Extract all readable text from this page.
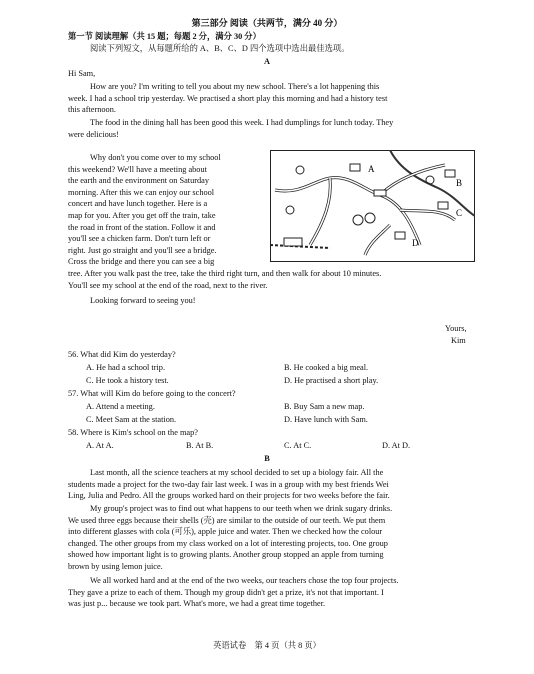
第三部分 阅读（共两节，满分 40 分）
第一节 阅读理解（共 15 题；每题 2 分，满分 30 分）
阅读下列短文，从每题所给的 A、B、C、D 四个选项中选出最佳选项。
A
Hi Sam,
How are you? I'm writing to tell you about my new school. There's a lot happening this
week. I had a school trip yesterday. We practised a short play this morning and had a history test
this afternoon.
The food in the dining hall has been good this week. I had dumplings for lunch today. They
were delicious!
Why don't you come over to my school
this weekend? We'll have a meeting about
the earth and the environment on Saturday
morning. After this we can enjoy our school
concert and have lunch together. Here is a
map for you. After you get off the train, take
the road in front of the station. Follow it and
you'll see a chicken farm. Don't turn left or
right. Just go straight and you'll see a bridge.
Cross the bridge and there you can see a big
tree. After you walk past the tree, take the third right turn, and then walk for about 10 minutes.
You'll see my school at the end of the road, next to the river.
A
B
C
D
Looking forward to seeing you!
Yours,
Kim
56. What did Kim do yesterday?
A. He had a school trip.	B. He cooked a big meal.
C. He took a history test.	D. He practised a short play.
57. What will Kim do before going to the concert?
A. Attend a meeting.	B. Buy Sam a new map.
C. Meet Sam at the station.	D. Have lunch with Sam.
58. Where is Kim's school on the map?
A. At A.	B. At B.	C. At C.	D. At D.
B
Last month, all the science teachers at my school decided to set up a biology fair. All the
students made a project for the two-day fair last week. I was in a group with my best friends Wei
Ling, Julia and Pedro. All the groups worked hard on their projects for two weeks before the fair.
My group's project was to find out what happens to our teeth when we drink sugary drinks.
We used three eggs because their shells (壳) are similar to the outside of our teeth. We put them
into different glasses with cola (可乐), apple juice and water. Then we checked how the colour
changed. The other groups from my class worked on a lot of interesting projects, too. One group
showed how important light is to growing plants. Another group stopped an apple from turning
brown by using lemon juice.
We all worked hard and at the end of the two weeks, our teachers chose the top four projects.
They gave a prize to each of them. Though my group didn't get a prize, it's not that important. I
was just p... because we took part. What's more, we had a great time together.
英语试卷　第 4 页（共 8 页）
